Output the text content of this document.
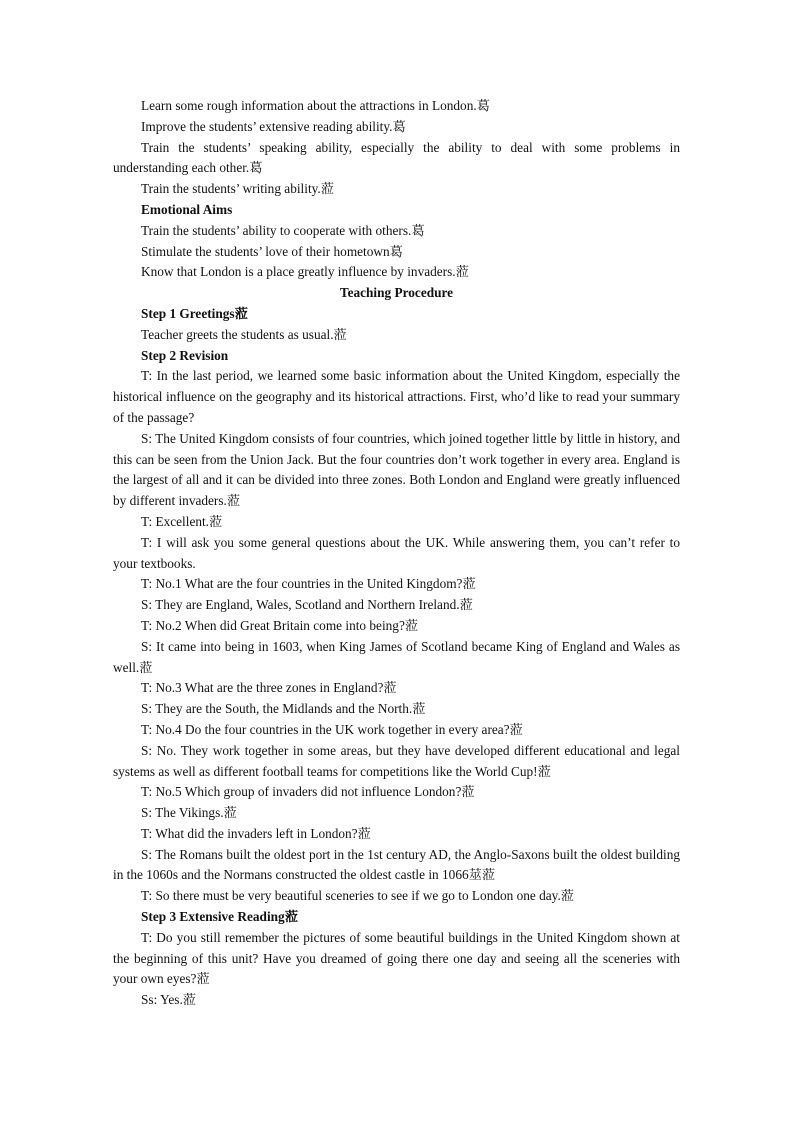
Learn some rough information about the attractions in London.葛

Improve the students’ extensive reading ability.葛

Train the students’ speaking ability, especially the ability to deal with some problems in understanding each other.葛

Train the students’ writing ability.蒞

Emotional Aims

Train the students’ ability to cooperate with others.葛

Stimulate the students’ love of their hometown葛

Know that London is a place greatly influence by invaders.蒞

Teaching Procedure

Step 1 Greetings蒞

Teacher greets the students as usual.蒞

Step 2 Revision

T: In the last period, we learned some basic information about the United Kingdom, especially the historical influence on the geography and its historical attractions. First, who’d like to read your summary of the passage?

S: The United Kingdom consists of four countries, which joined together little by little in history, and this can be seen from the Union Jack. But the four countries don’t work together in every area. England is the largest of all and it can be divided into three zones. Both London and England were greatly influenced by different invaders.蒞

T: Excellent.蒞

T: I will ask you some general questions about the UK. While answering them, you can’t refer to your textbooks.

T: No.1 What are the four countries in the United Kingdom?蒞

S: They are England, Wales, Scotland and Northern Ireland.蒞

T: No.2 When did Great Britain come into being?蒞

S: It came into being in 1603, when King James of Scotland became King of England and Wales as well.蒞

T: No.3 What are the three zones in England?蒞

S: They are the South, the Midlands and the North.蒞

T: No.4 Do the four countries in the UK work together in every area?蒞

S: No. They work together in some areas, but they have developed different educational and legal systems as well as different football teams for competitions like the World Cup!蒞

T: No.5 Which group of invaders did not influence London?蒞

S: The Vikings.蒞

T: What did the invaders left in London?蒞

S: The Romans built the oldest port in the 1st century AD, the Anglo-Saxons built the oldest building in the 1060s and the Normans constructed the oldest castle in 1066莁蒞

T: So there must be very beautiful sceneries to see if we go to London one day.蒞

Step 3 Extensive Reading蒞

T: Do you still remember the pictures of some beautiful buildings in the United Kingdom shown at the beginning of this unit? Have you dreamed of going there one day and seeing all the sceneries with your own eyes?蒞

Ss: Yes.蒞
